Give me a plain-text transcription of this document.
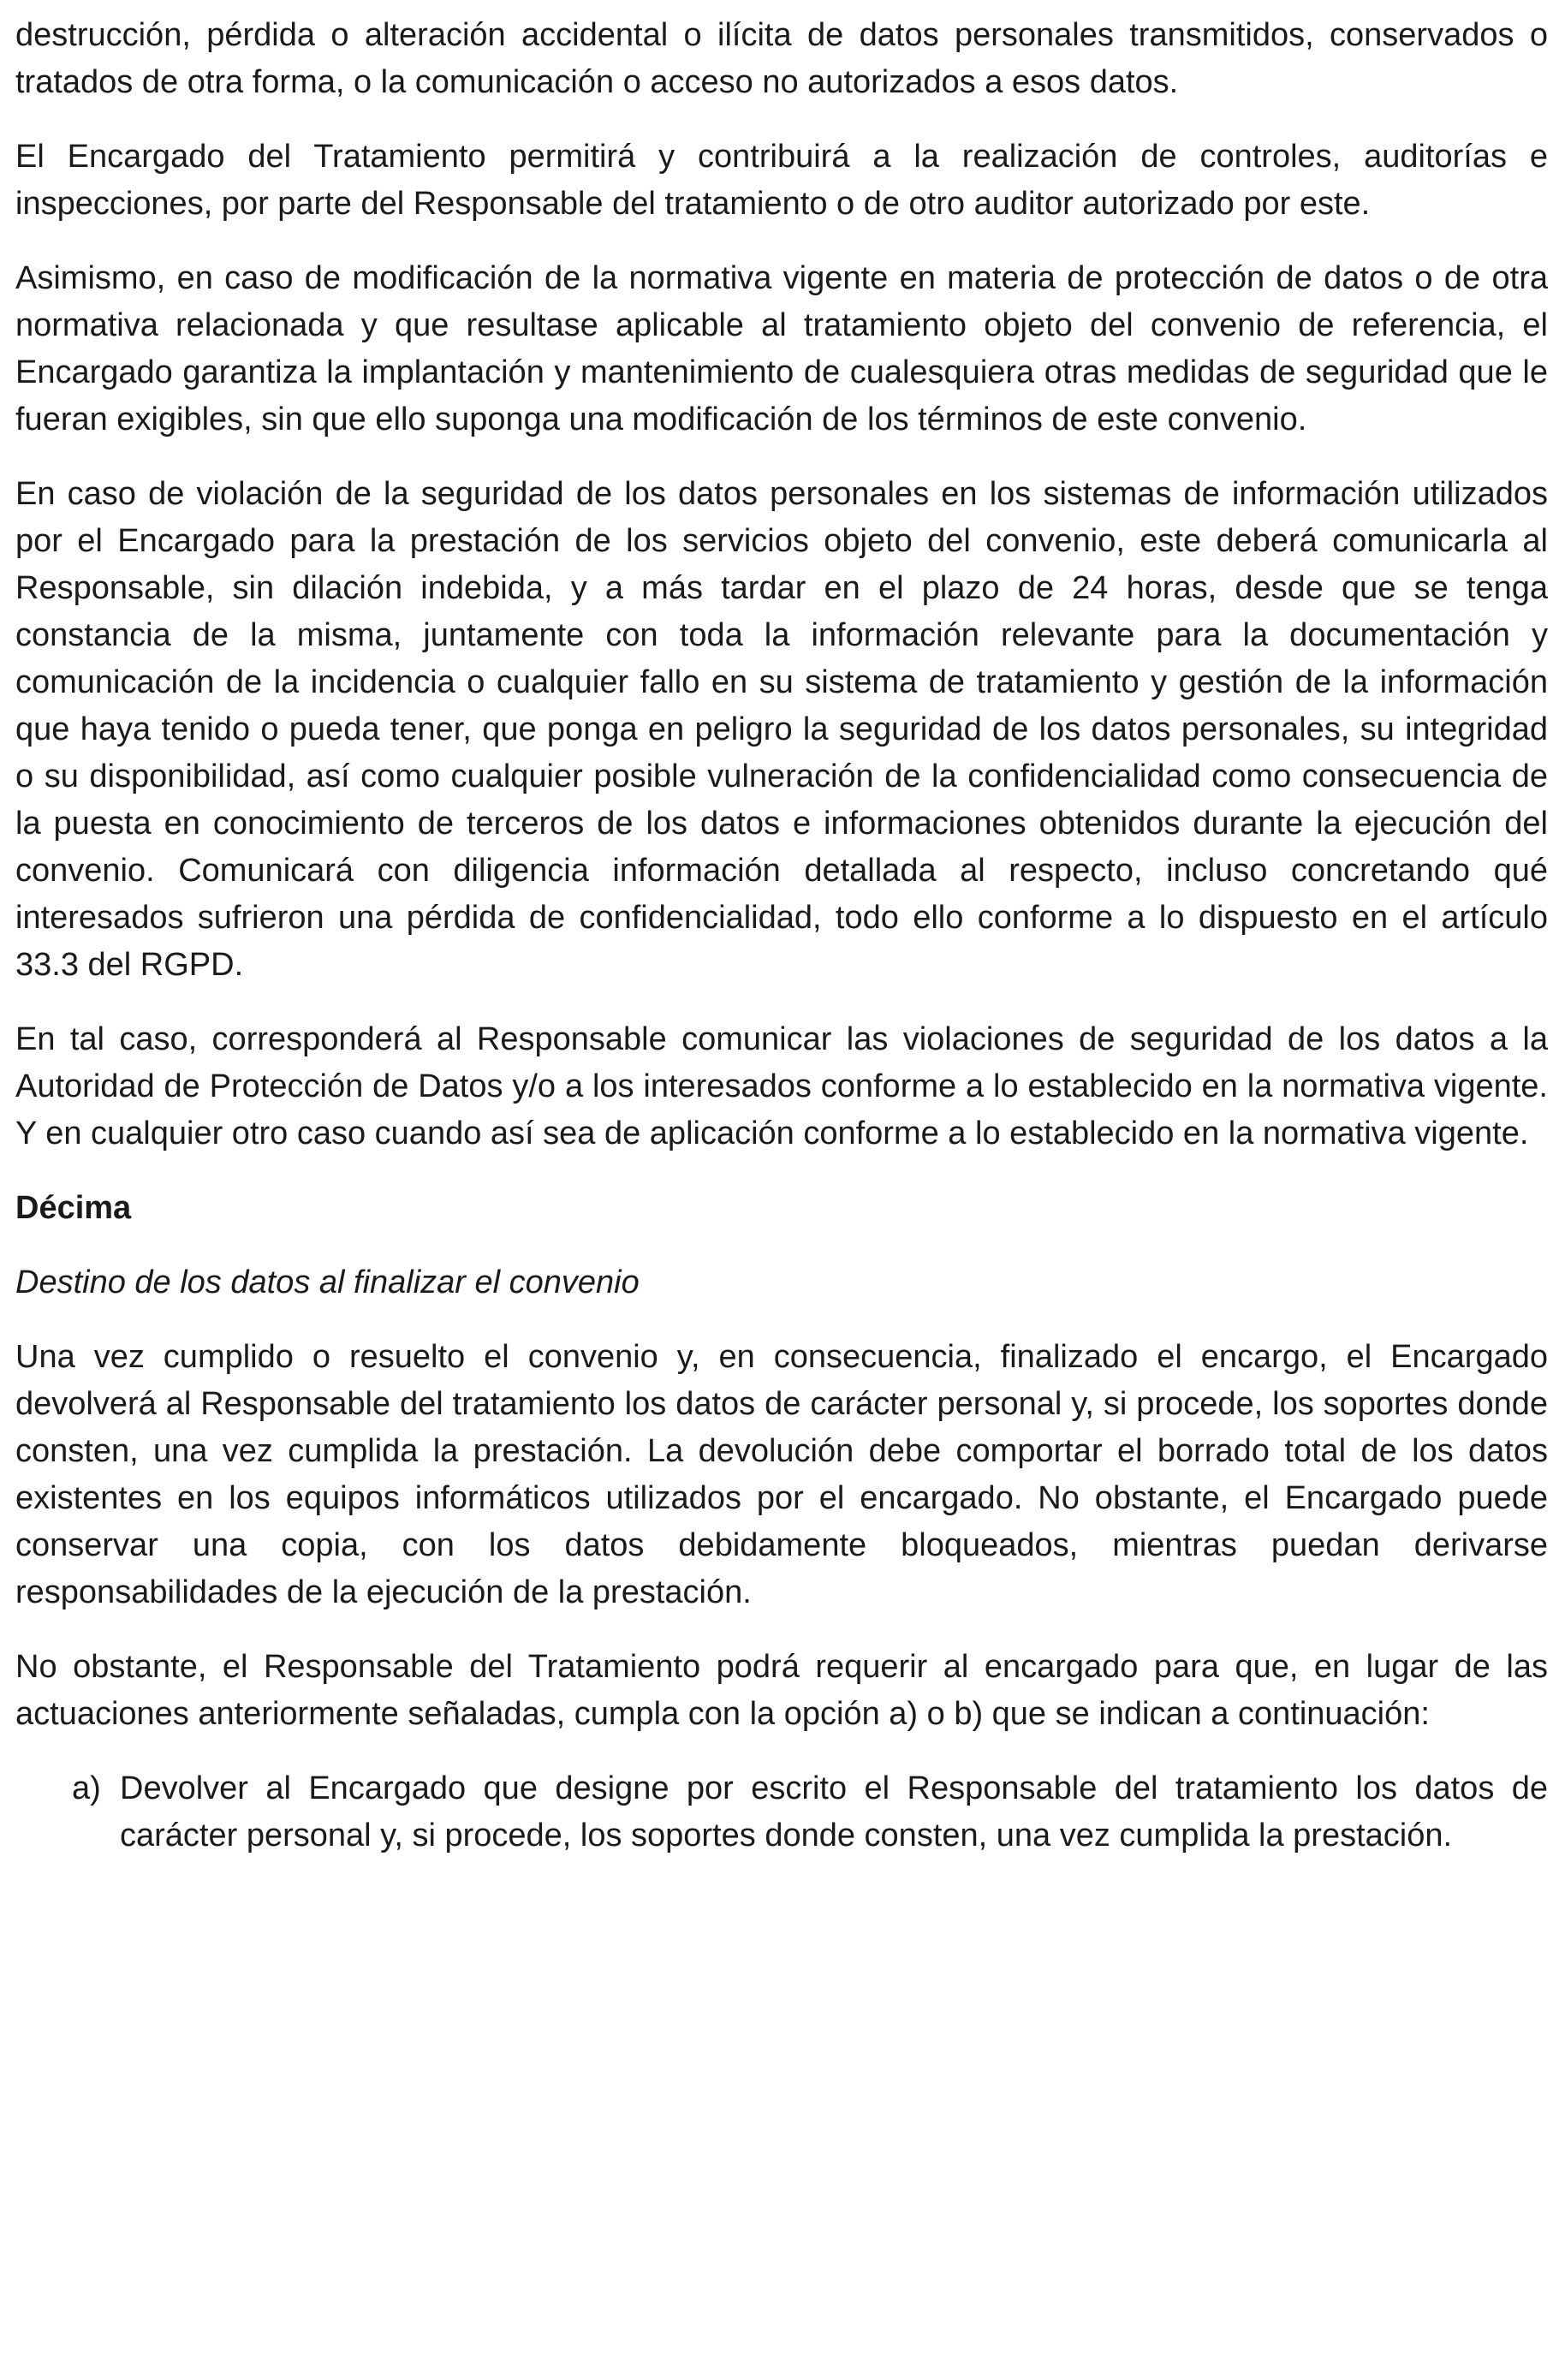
destrucción, pérdida o alteración accidental o ilícita de datos personales transmitidos, conservados o tratados de otra forma, o la comunicación o acceso no autorizados a esos datos.

El Encargado del Tratamiento permitirá y contribuirá a la realización de controles, auditorías e inspecciones, por parte del Responsable del tratamiento o de otro auditor autorizado por este.

Asimismo, en caso de modificación de la normativa vigente en materia de protección de datos o de otra normativa relacionada y que resultase aplicable al tratamiento objeto del convenio de referencia, el Encargado garantiza la implantación y mantenimiento de cualesquiera otras medidas de seguridad que le fueran exigibles, sin que ello suponga una modificación de los términos de este convenio.

En caso de violación de la seguridad de los datos personales en los sistemas de información utilizados por el Encargado para la prestación de los servicios objeto del convenio, este deberá comunicarla al Responsable, sin dilación indebida, y a más tardar en el plazo de 24 horas, desde que se tenga constancia de la misma, juntamente con toda la información relevante para la documentación y comunicación de la incidencia o cualquier fallo en su sistema de tratamiento y gestión de la información que haya tenido o pueda tener, que ponga en peligro la seguridad de los datos personales, su integridad o su disponibilidad, así como cualquier posible vulneración de la confidencialidad como consecuencia de la puesta en conocimiento de terceros de los datos e informaciones obtenidos durante la ejecución del convenio. Comunicará con diligencia información detallada al respecto, incluso concretando qué interesados sufrieron una pérdida de confidencialidad, todo ello conforme a lo dispuesto en el artículo 33.3 del RGPD.

En tal caso, corresponderá al Responsable comunicar las violaciones de seguridad de los datos a la Autoridad de Protección de Datos y/o a los interesados conforme a lo establecido en la normativa vigente. Y en cualquier otro caso cuando así sea de aplicación conforme a lo establecido en la normativa vigente.

Décima

Destino de los datos al finalizar el convenio

Una vez cumplido o resuelto el convenio y, en consecuencia, finalizado el encargo, el Encargado devolverá al Responsable del tratamiento los datos de carácter personal y, si procede, los soportes donde consten, una vez cumplida la prestación. La devolución debe comportar el borrado total de los datos existentes en los equipos informáticos utilizados por el encargado. No obstante, el Encargado puede conservar una copia, con los datos debidamente bloqueados, mientras puedan derivarse responsabilidades de la ejecución de la prestación.

No obstante, el Responsable del Tratamiento podrá requerir al encargado para que, en lugar de las actuaciones anteriormente señaladas, cumpla con la opción a) o b) que se indican a continuación:

a) Devolver al Encargado que designe por escrito el Responsable del tratamiento los datos de carácter personal y, si procede, los soportes donde consten, una vez cumplida la prestación.
